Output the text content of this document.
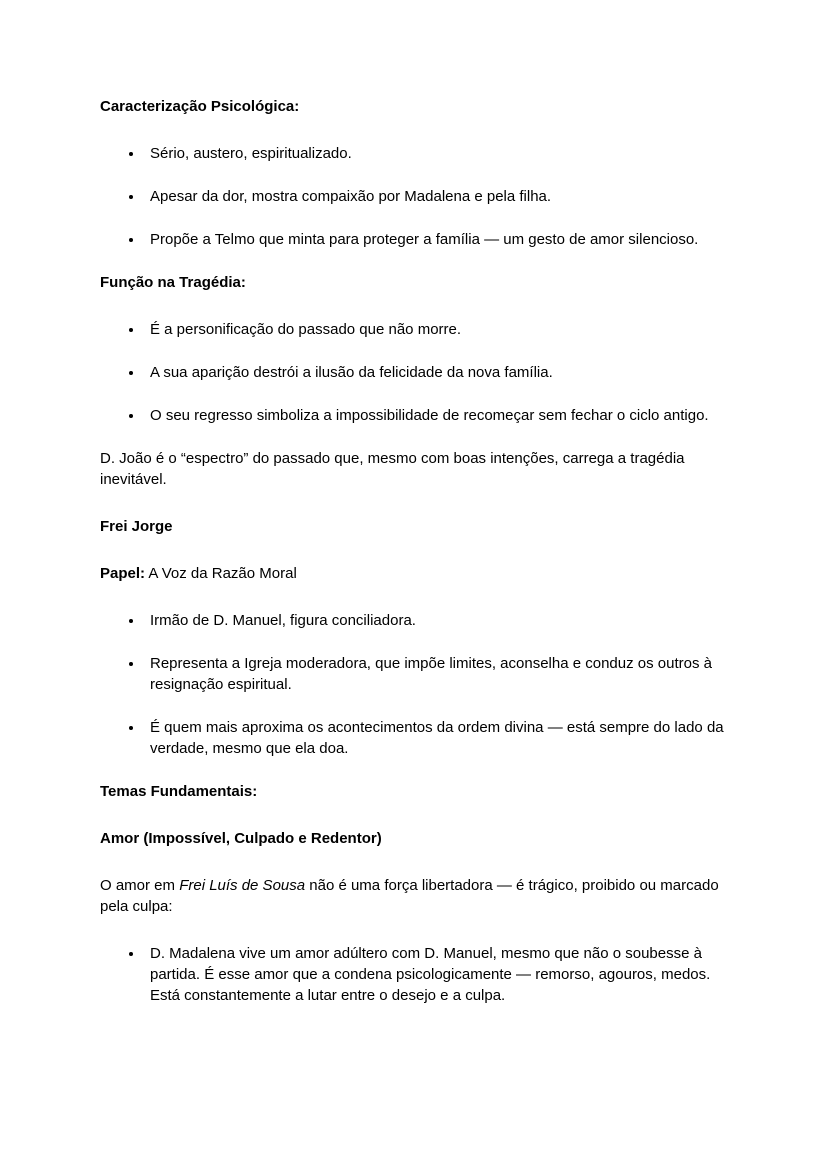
Caracterização Psicológica:
• Sério, austero, espiritualizado.
• Apesar da dor, mostra compaixão por Madalena e pela filha.
• Propõe a Telmo que minta para proteger a família — um gesto de amor silencioso.
Função na Tragédia:
• É a personificação do passado que não morre.
• A sua aparição destrói a ilusão da felicidade da nova família.
• O seu regresso simboliza a impossibilidade de recomeçar sem fechar o ciclo antigo.

D. João é o “espectro” do passado que, mesmo com boas intenções, carrega a tragédia inevitável.

Frei Jorge

Papel: A Voz da Razão Moral

• Irmão de D. Manuel, figura conciliadora.
• Representa a Igreja moderadora, que impõe limites, aconselha e conduz os outros à resignação espiritual.
• É quem mais aproxima os acontecimentos da ordem divina — está sempre do lado da verdade, mesmo que ela doa.
Temas Fundamentais:
Amor (Impossível, Culpado e Redentor)

O amor em Frei Luís de Sousa não é uma força libertadora — é trágico, proibido ou marcado pela culpa:

• D. Madalena vive um amor adúltero com D. Manuel, mesmo que não o soubesse à partida. É esse amor que a condena psicologicamente — remorso, agouros, medos. Está constantemente a lutar entre o desejo e a culpa.
